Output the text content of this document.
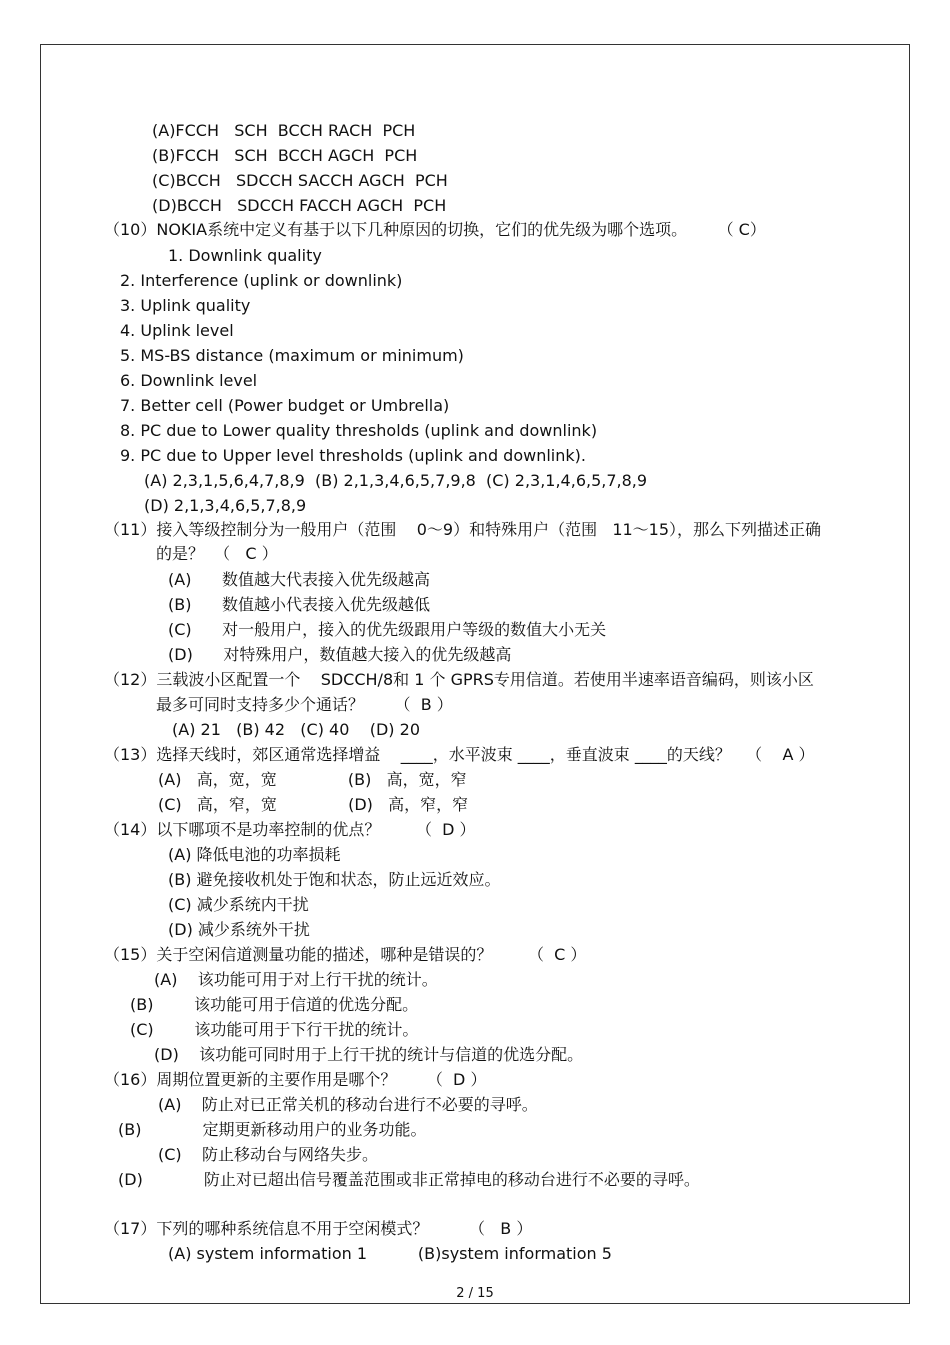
(A)FCCH   SCH  BCCH RACH  PCH
(B)FCCH   SCH  BCCH AGCH  PCH
(C)BCCH   SDCCH SACCH AGCH  PCH
(D)BCCH   SDCCH FACCH AGCH  PCH
（10）NOKIA系统中定义有基于以下几种原因的切换，它们的优先级为哪个选项。      （ C）
1. Downlink quality
2. Interference (uplink or downlink)
3. Uplink quality
4. Uplink level
5. MS-BS distance (maximum or minimum)
6. Downlink level
7. Better cell (Power budget or Umbrella)
8. PC due to Lower quality thresholds (uplink and downlink)
9. PC due to Upper level thresholds (uplink and downlink).
(A) 2,3,1,5,6,4,7,8,9  (B) 2,1,3,4,6,5,7,9,8  (C) 2,3,1,4,6,5,7,8,9
(D) 2,1,3,4,6,5,7,8,9
（11）接入等级控制分为一般用户（范围    0～9）和特殊用户（范围   11～15），那么下列描述正确
的是？  （   C ）
(A)      数值越大代表接入优先级越高
(B)      数值越小代表接入优先级越低
(C)      对一般用户，接入的优先级跟用户等级的数值大小无关
(D)      对特殊用户，数值越大接入的优先级越高
（12）三载波小区配置一个    SDCCH/8和 1 个 GPRS专用信道。若使用半速率语音编码，则该小区
最多可同时支持多少个通话？      （  B ）
(A) 21   (B) 42   (C) 40    (D) 20
（13）选择天线时，郊区通常选择增益    ____，水平波束 ____，垂直波束 ____的天线？   （    A ）
(A)   高，宽，宽              (B)   高，宽，窄
(C)   高，窄，宽              (D)   高，窄，窄
（14）以下哪项不是功率控制的优点？       （  D ）
(A) 降低电池的功率损耗
(B) 避免接收机处于饱和状态，防止远近效应。
(C) 减少系统内干扰
(D) 减少系统外干扰
（15）关于空闲信道测量功能的描述，哪种是错误的？       （  C ）
(A)    该功能可用于对上行干扰的统计。
(B)        该功能可用于信道的优选分配。
(C)        该功能可用于下行干扰的统计。
(D)    该功能可同时用于上行干扰的统计与信道的优选分配。
（16）周期位置更新的主要作用是哪个？      （  D ）
(A)    防止对已正常关机的移动台进行不必要的寻呼。
(B)            定期更新移动用户的业务功能。
(C)    防止移动台与网络失步。
(D)            防止对已超出信号覆盖范围或非正常掉电的移动台进行不必要的寻呼。
（17）下列的哪种系统信息不用于空闲模式？        （   B ）
(A) system information 1          (B)system information 5
2 / 15
